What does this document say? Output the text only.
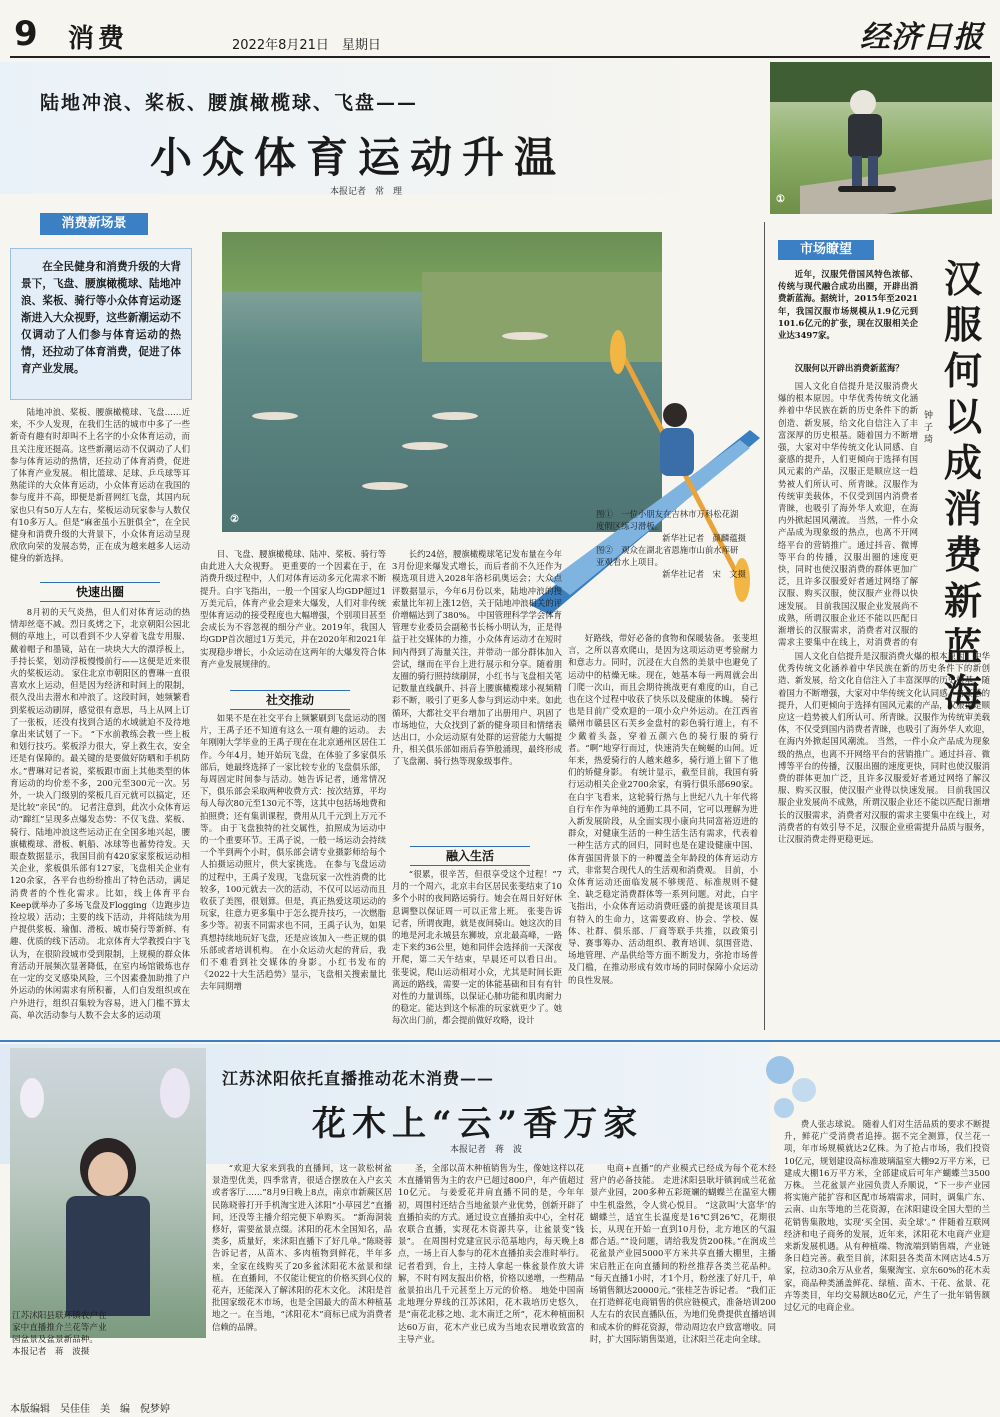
9 消费	2022年8月21日　 星期日	经济日报
陆地冲浪、桨板、腰旗橄榄球、飞盘——
小众体育运动升温
本报记者　常　理
①
消费新场景
在全民健身和消费升级的大背景下，飞盘、腰旗橄榄球、陆地冲浪、桨板、骑行等小众体育运动逐渐进入大众视野，这些新潮运动不仅调动了人们参与体育运动的热情，还拉动了体育消费，促进了体育产业发展。
②	图①　一位小朋友在吉林市万科松花湖度假区练习滑板。
新华社记者　颜麟蕴摄
图②　观众在湖北省恩施市山前水库研亚观看水上项目。
新华社记者　宋　文摄

陆地冲浪、桨板、腰旗橄榄球、飞盘……近来，不少人发现，在我们生活的城市中多了一些新奇有趣有时却叫不上名字的小众体育运动，而且关注度还挺高。这些新潮运动不仅调动了人们参与体育运动的热情，还拉动了体育消费，促进了体育产业发展。 相比篮球、足球、乒乓球等耳熟能详的大众体育运动，小众体育运动在我国的参与度并不高，即便是新晋网红飞盘，其国内玩家也只有50万人左右，桨板运动玩家参与人数仅有10多万人。但是“麻雀虽小五脏俱全”，在全民健身和消费升级的大背景下，小众体育运动呈现欣欣向荣的发展态势，正在成为越来越多人运动健身的新选择。

快速出圈

8月初的天气炎热，但人们对体育运动的热情却丝毫不减。烈日炙烤之下，北京朝阳公园北侧的草地上，可以看到不少人穿着飞盘专用服、戴着帽子和墨镜，站在一块块大大的漂浮板上，手持长桨，划动浮板慢慢前行——这便是近来很火的桨板运动。 家住北京市朝阳区的曹琳一直很喜欢水上运动，但是因为经济和时间上的限制，很久没出去潜水和冲浪了。这段时间，她频繁看到桨板运动刷屏，感觉很有意思，马上从网上订了一张板，还没有找到合适的水域就迫不及待地拿出来试划了一下。 “下水前教练会教一些上板和划行技巧。桨板浮力很大，穿上救生衣，安全还是有保障的。最关键的是要做好防晒和手机防水。”曹琳对记者说，桨板跟市面上其他类型的体育运动的均价差不多，200元至300元一次。另外，一块入门级别的桨板几百元就可以搞定，还是比较“亲民”的。 记者注意到，此次小众体育运动“蹿红”呈现多点爆发态势：不仅飞盘、桨板、骑行、陆地冲浪这些运动正在全国多地兴起，腰旗橄榄球、滑板、帆船、冰球等也蓄势待发。天眼查数据显示，我国目前有420家家浆板运动相关企业，浆板俱乐部有127家，飞盘相关企业有120余家，各平台也纷纷推出了特色活动，满足消费者的个性化需求。比如，线上体育平台Keep就举办了多场飞盘及Flogging（边跑步边捡垃圾）活动；主要的线下活动，并将陆续为用户提供浆板、瑜伽、滑板、城市骑行等新鲜、有趣、优质的线下活动。 北京体育大学教授白宇飞认为，在很阶段城市受到限制，上规模的群众体育活动开展频次显著降低，在室内场馆锻炼也存在一定的交叉感染风险，三个因素叠加助推了户外运动的休闲需求有所积蓄，人们自发组织或在户外进行，组织召集较为容易，进入门槛不算太高、单次活动参与人数不会太多的运动项

目、飞盘、腰旗橄榄球、陆冲、桨板、骑行等由此进入大众视野。 更重要的一个因素在于，在消费升级过程中，人们对体育运动多元化需求不断提升。白宇飞指出，一般一个国家人均GDP超过1万美元后，体育产业会迎来大爆发，人们对非传统型体育运动的接受程度也大幅增强，个别项目甚至会成长为不容忽视的细分产业。2019年，我国人均GDP首次超过1万美元，并在2020年和2021年实现稳步增长，小众运动在这两年的大爆发符合体育产业发展规律的。

社交推动

如果不是在社交平台上频繁刷到飞盘运动的图片，王禹子还不知道有这么一项有趣的运动。 去年刚刚大学毕业的王禹子现在在北京通州区居住工作。今年4月，她开始玩飞盘，在体验了多家俱乐部后，她最终选择了一家比较专业的飞盘俱乐部，每周固定时间参与活动。她告诉记者，通常情况下，俱乐部会采取两种收费方式：按次结算，平均每人每次80元至130元不等，这其中包括场地费和拍照费；还有集训课程，费用从几千元到上万元不等。 由于飞盘独特的社交属性，拍照成为运动中的一个重要环节。王禹子说，一般一场运动会持续一个半到两个小时，俱乐部会请专业摄影师给每个人拍摄运动照片，供大家挑选。 在参与飞盘运动的过程中，王禹子发现，飞盘玩家一次性消费的比较多，100元就去一次的活动，不仅可以运动而且收获了美图，很划算。但是，真正热爱这项运动的玩家，往意力更多集中于怎么提升技巧，一次燃脂多少等。初衷不同需求也不同，王禹子认为，如果真想持续地玩好飞盘，还是应该加入一些正规的俱乐部或者培训机构。 在小众运动火起的背后，我们不难看到社交媒体的身影。小红书发布的《2022十大生活趋势》显示，飞盘相关搜索量比去年同期增

长约24倍，腰旗橄榄球笔记发布量在今年3月份迎来爆发式增长，而后者前不久还作为模选项目进入2028年洛杉矶奥运会；大众点评数据显示，今年6月份以来，陆地冲浪的搜索量比年初上涨12倍，关于陆地冲浪相关的评价增幅达到了380%。 中国管理科学学会体育管理专业委员会副秘书长杨小明认为，正是得益于社交媒体的力推，小众体育运动才在短时间内得到了海量关注，并带动一部分群体加入尝试，继而在平台上进行展示和分享。随着朋友圈的骑行照持续刷屏，小红书与飞盘相关笔记数量直线飙升、抖音上腰旗橄榄球小视频精彩不断，吸引了更多人参与到运动中来。如此循环，大都社交平台增加了出册用户、巩固了市场地位，大众找到了新的健身项目和情绪表达出口，小众运动原有处群的运营能力大幅提升，相关俱乐部如雨后春笋般涌现，最终形成了飞盘潮、骑行热等现象级事件。

融入生活

“很累，很辛苦，但很享受这个过程！”7月的一个周六，北京丰台区居民张斐结束了10多个小时的夜间路运骑行。她会在周日好好休息调整以保证周一可以正常上班。 张斐告诉记者，所谓夜跑，就是夜间骑山。她这次的目的地是河北永城县东狮坡，京北最高峰，一路走下来约36公里，她和同伴会选择前一天深夜开爬，第二天午结束，早晨还可以看日出。 张斐说，爬山运动相对小众，尤其是时间长距离远的路线，需要一定的体能基础和目有有针对性的力量训练，以保证心肺功能和肌肉耐力的稳定。能达到这个标准的玩家就更少了。她每次出门前，都会提前做好攻略，设计

好路线，带好必备的食物和保暖装备。 张斐坦言，之所以喜欢爬山，是因为这项运动更考验耐力和意志力。同时，沉浸在大自然的美景中也避免了运动中的枯燥无味。现在，她基本每一两周就会出门爬一次山，而且会期待挑战更有难度的山，自己也在这个过程中收获了快乐以及健康的体魄。 骑行也是目前广受欢迎的一项小众户外运动。在江西省赣州市赣县区石芙乡金盘村的彩色骑行道上，有不少戴着头盔，穿着五颜六色的骑行服的骑行者。“啊”地穿行而过，快速消失在蜿蜒的山间。近年来，热爱骑行的人越来越多，骑行道上留下了他们的矫健身影。 有统计显示，截至目前，我国有骑行运动相关企业2700余家，有骑行俱乐部690家。在白宇飞看来，这轮骑行热与上世纪八九十年代将自行车作为单纯的通勤工具不同，它可以理解为进入新发展阶段，从全面实现小康向共同富裕迈进的群众，对健康生活的一种生活生活有需求，代表着一种生活方式的回归，同时也是在建设健康中国、体育强国背景下的一种覆盖全年龄段的体育运动方式，非常契合现代人的生活观和消费观。 目前，小众体育运动还面临发展不够规范、标准规则不健全、缺乏稳定消费群体等一系列问题。对此，白宇飞指出，小众体育运动消费旺盛的前提是该项目具有特入的生命力，这需要政府、协会、学校、媒体、社群、俱乐部、厂商等联手共推，以政策引导、赛事筹办、活动组织、教育培训、氛围营造、场地管理、产品供给等方面不断发力，弥抢市场普及门槛，在推动形成有效市场的同时保障小众运动的良性发展。

市场瞭望
汉服何以成消费新蓝海
钟子琦

近年，汉服凭借国风特色浓郁、传统与现代融合成功出圈，开辟出消费新蓝海。据统计，2015年至2021年，我国汉服市场规模从1.9亿元到101.6亿元的扩张，现在汉服相关企业达3497家。

汉服何以开辟出消费新蓝海？

国人文化自信提升是汉服消费火爆的根本原因。中华优秀传统文化涵养着中华民族在新的历史条件下的新创造、新发展，给文化自信注入了丰富深厚的历史根基。随着国力不断增强，大家对中华传统文化认同感、自豪感的提升，人们更倾向于选择有国风元素的产品，汉服正是顺应这一趋势被人们所认可、所青睐。汉服作为传统审美载体，不仅受到国内消费者青睐，也吸引了海外华人欢迎，在海内外掀起国风潮流。 当然，一件小众产品成为现象级的热点，也离不开网络平台的营销推广。通过抖音、微博等平台的传播，汉服出圈的速度更快，同时也使汉服消费的群体更加广泛，且许多汉服爱好者通过网络了解汉服、购买汉服，使汉服产业得以快速发展。 目前我国汉服企业发展尚不成熟，所谓汉服企业还不能以匹配日渐增长的汉服需求，消费者对汉服的需求主要集中在线上，对消费者的有

国人文化自信提升是汉服消费火爆的根本原因。中华优秀传统文化涵养着中华民族在新的历史条件下的新创造、新发展，给文化自信注入了丰富深厚的历史根基。随着国力不断增强，大家对中华传统文化认同感、自豪感的提升，人们更倾向于选择有国风元素的产品，汉服正是顺应这一趋势被人们所认可、所青睐。汉服作为传统审美载体，不仅受到国内消费者青睐，也吸引了海外华人欢迎，在海内外掀起国风潮流。 当然，一件小众产品成为现象级的热点，也离不开网络平台的营销推广。通过抖音、微博等平台的传播，汉服出圈的速度更快，同时也使汉服消费的群体更加广泛，且许多汉服爱好者通过网络了解汉服、购买汉服，使汉服产业得以快速发展。 目前我国汉服企业发展尚不成熟，所谓汉服企业还不能以匹配日渐增长的汉服需求，消费者对汉服的需求主要集中在线上，对消费者的有效引导不足，汉服企业亟需提升品质与服务，让汉服消费走得更稳更远。

江苏沭阳依托直播推动花木消费——
花木上“云”香万家
本报记者　蒋　波
江苏沭阳县联环镇农户在家中直播推介兰花等产业园盆景及盆景新品种。　本报记者　蒋　波摄

“欢迎大家来到我的直播间，这一款松树盆景造型优美，四季常青，很适合摆放在入户玄关或者客厅……”8月9日晚上8点，南京市新蕨区居民陈晓蓉打开手机淘宝进入沭阳“小草园艺”直播间，还没等主播介绍完便下单购买。 “新海洞装修好，需要盆景点缀。沭阳的花木全国知名，品类多，质量好，来沭阳直播下了好几单。”陈晓蓉告诉记者，从苗木、多肉植物到鲜花，半年多来，全家在线购买了20多盆沭阳花木盆景和绿植。 在直播间，不仅能让便宜的价格买到心仪的花卉，还能深入了解沭阳的花木文化。 沭阳是首批国家级花木市场，也是全国最大的苗木种植基地之一。在当地，“沭阳花木”商标已成为消费者信赖的品牌。

圣，全部以苗木种植销售为生，像她这样以花木直播销售为主的农户已超过800户，年产值超过10亿元。 与姜爱花并肩直播不同的是，今年年初，周围村还结合当地盆景产业优势，创新开辟了直播拍卖的方式。通过设立直播拍卖中心，全村花农联合直播，实现花木资源共享，让盆景变“钱景”。 在周围村党建宣民示范基地内，每天晚上8点，一场上百人参与的花木直播拍卖会准时举行。记者看到，台上，主持人拿起一株盆景作放大讲解，不时有网友报出价格，价格以递增，一些精品盆景拍出几千元甚至上万元的价格。 地处中国南北地理分界线的江苏沭阳，花木栽培历史悠久，是“南花北移之地、北木南迁之所”，花木种植面积达60万亩，花木产业已成为当地农民增收致富的主导产业。

电商+直播”的产业模式已经成为每个花木经营户的必备技能。 走进沭阳县耿圩镇润成兰花盆景产业园，200多种五彩斑斓的蝴蝶兰在温室大棚中生机盎然，令人赏心悦目。 “这款叫‘大富华’的蝴蝶兰，适宜生长温度是16℃到26℃，花期很长，从现在开始一直到10月份，北方地区的气温都合适。””设问题，请给我发货200株。”在润成兰花盆景产业园5000平方米共享直播大棚里，主播宋启胜正在向直播间的粉丝推荐各类兰花品种。 “每天直播1小时，才1个月，粉丝涨了好几千，单场销售额达20000元。”张桂芝告诉记者。 “我们正在打造鲜花电商销售的供应链模式，准备培训200人左右的农民直播队伍，为地们免费提供直播培训和成本价的鲜花资源，带动周边农户致富增收。同时，扩大国际销售渠道，让沭阳兰花走向全球。

费人张志球说。 随着人们对生活品质的要求不断提升，鲜花广受消费者追捧。据不完全测算，仅兰花一项，年市场规模就达2亿株。为了抢占市场，我们投资10亿元，规划建设高标准玻璃温室大棚92万平方米，已建成大棚16万平方米，全部建成后可年产蝴蝶兰3500万株。 兰花盆景产业园负责人乔顺说，“下一步产业园将实施产能扩容和区配市场端需求，同时，调集广东、云南、山东等地的兰花资源，在沭阳建设全国大型的兰花销售集散地，实现‘买全国、卖全球’。” 伴随着互联网经济和电子商务的发展，近年来，沭阳花木电商产业迎来新发展机遇。从有种植端、物流端到销售端，产业链条日趋完善。截至目前，沭阳县各类苗木网店达4.5万家，拉动30余万从业者，集聚淘宝、京东60%的花木卖家，商品种类涵盖鲜花、绿植、苗木、干花、盆景、花卉等类目，年均交易额达80亿元，产生了一批年销售额过亿元的电商企业。

本版编辑　吴佳佳　美　编　倪梦婷
